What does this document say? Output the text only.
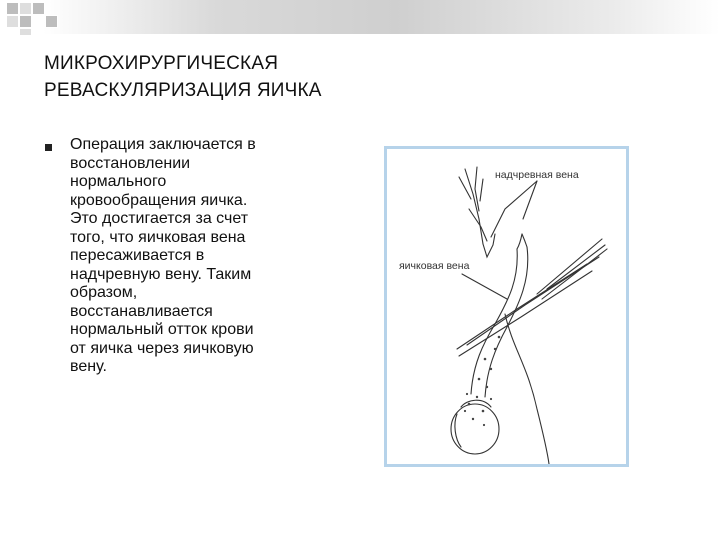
МИКРОХИРУРГИЧЕСКАЯ
РЕВАСКУЛЯРИЗАЦИЯ ЯИЧКА
Операция заключается в
восстановлении
нормального
кровообращения яичка.
Это достигается за счет
того, что яичковая вена
пересаживается в
надчревную вену. Таким
образом,
восстанавливается
нормальный отток крови
от яичка через яичковую
вену.
надчревная вена
яичковая вена
